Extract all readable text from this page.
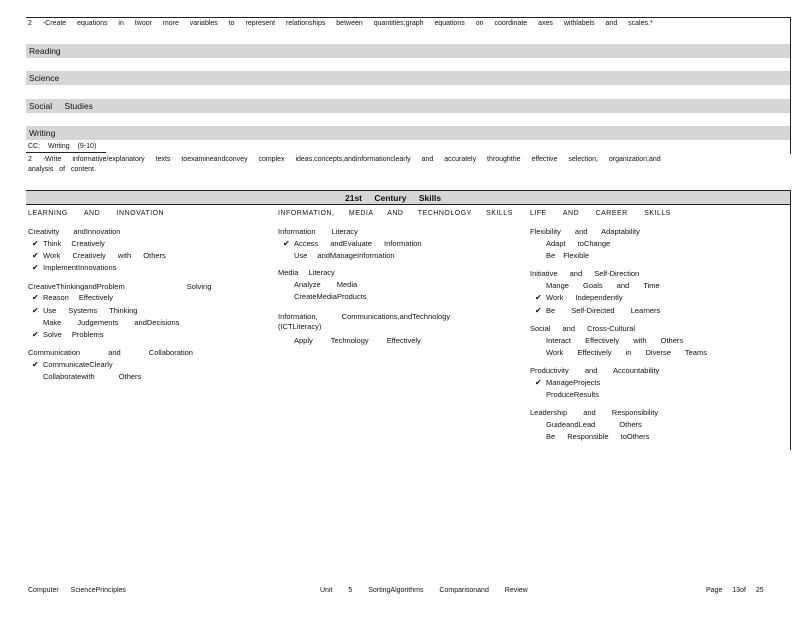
2 -Create equations in twoor more variables to represent relationships between quantities;graph equations on coordinate axes withlabels and scales.*
Reading
Science
Social Studies
Writing
CC: Writing (9-10)
2 -Write informative/explanatory texts toexamineandconvey complex ideas,concepts,andinformationclearly and accurately throughthe effective selection, organization,and
analysis of content.
21st Century Skills
LEARNING AND INNOVATION	INFORMATION, MEDIA AND TECHNOLOGY SKILLS LIFE AND CAREER SKILLS
Creativity andInnovation
✔ Think Creatively
✔ Work Creatively with Others
✔ ImplementInnovations
CreativeThinkingandProblem Solving
✔ Reason Effectively
✔ Use Systems Thinking
Make Judgements andDecisions
✔ Solve Problems
Communication and Collaboration
✔ CommunicateClearly
Collaboratewith Others
Information Literacy
✔ Access andEvaluate Information
Use andManageInformation
Media Literacy
Analyze Media
CreateMediaProducts
Information, Communications,andTechnology
(ICTLiteracy)
Apply Technology Effectively
Flexibility and Adaptability
Adapt toChange
Be Flexible
Initiative and Self-Direction
Mange Goals and Time
✔ Work Independently
✔ Be Self-Directed Learners
Social and Cross-Cultural
Interact Effectively with Others
Work Effectively in Diverse Teams
Productivity and Accountability
✔ ManageProjects
ProduceResults
Leadership and Responsibility
GuideandLead Others
Be Responsible toOthers
Computer SciencePrinciples	Unit 5 SortingAlgorithms Comparisonand Review	Page 13of 25
